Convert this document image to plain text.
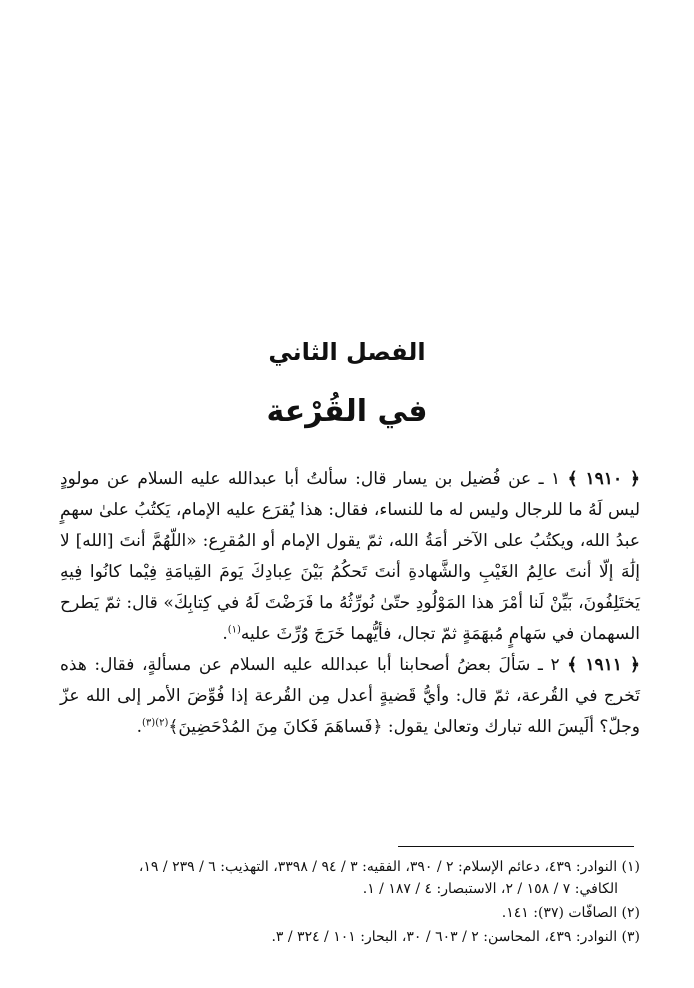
الفصل الثاني
في القُرْعة

﴿ ١٩١٠ ﴾ ١ ـ عن فُضيل بن يسار قال: سألتُ أبا عبدالله عليه السلام عن مولودٍ ليس لَهُ ما للرجال وليس له ما للنساء، فقال: هذا يُقرَع عليه الإمام، يَكتُبُ علىٰ سهمٍ عبدُ الله، ويكتُبُ على الآخر أمَةُ الله، ثمّ يقول الإمام أو المُقرِع: «اللّهُمَّ أنتَ [الله] لا إلَٰهَ إلّا أنتَ عالِمُ الغَيْبِ والشَّهادةِ أنتَ تَحكُمُ بَيْنَ عِبادِكَ يَومَ القِيامَةِ فِيْما كانُوا فِيهِ يَختَلِفُونَ، بَيِّنْ لَنا أمْرَ هذا المَوْلُودِ حتّىٰ نُورِّثُهُ ما فَرَضْتَ لَهُ في كِتابِكَ» قال: ثمّ يَطرح السهمان في سَهامٍ مُبهَمَةٍ ثمّ تجال، فأيُّهما خَرَجَ وُرِّثَ عليه$^{(١)}$.

﴿ ١٩١١ ﴾ ٢ ـ سَألَ بعضُ أصحابنا أبا عبدالله عليه السلام عن مسألةٍ، فقال: هذه تَخرج في القُرعة، ثمّ قال: وأيُّ قَضيةٍ أعدل مِن القُرعة إذا فُوِّضَ الأمر إلى الله عزّ وجلّ؟ ألَيسَ الله تبارك وتعالىٰ يقول: ﴿فَساهَمَ فَكانَ مِنَ المُدْحَضِينَ﴾$^{(٢)(٣)}$.

(١) النوادر: ٤٣٩، دعائم الإسلام: ٢ / ٣٩٠، الفقيه: ٣ / ٩٤ / ٣٣٩٨، التهذيب: ٦ / ٢٣٩ / ١٩،
الكافي: ٧ / ١٥٨ / ٢، الاستبصار: ٤ / ١٨٧ / ١.

(٢) الصافّات (٣٧): ١٤١.

(٣) النوادر: ٤٣٩، المحاسن: ٢ / ٦٠٣ / ٣٠، البحار: ١٠١ / ٣٢٤ / ٣.
